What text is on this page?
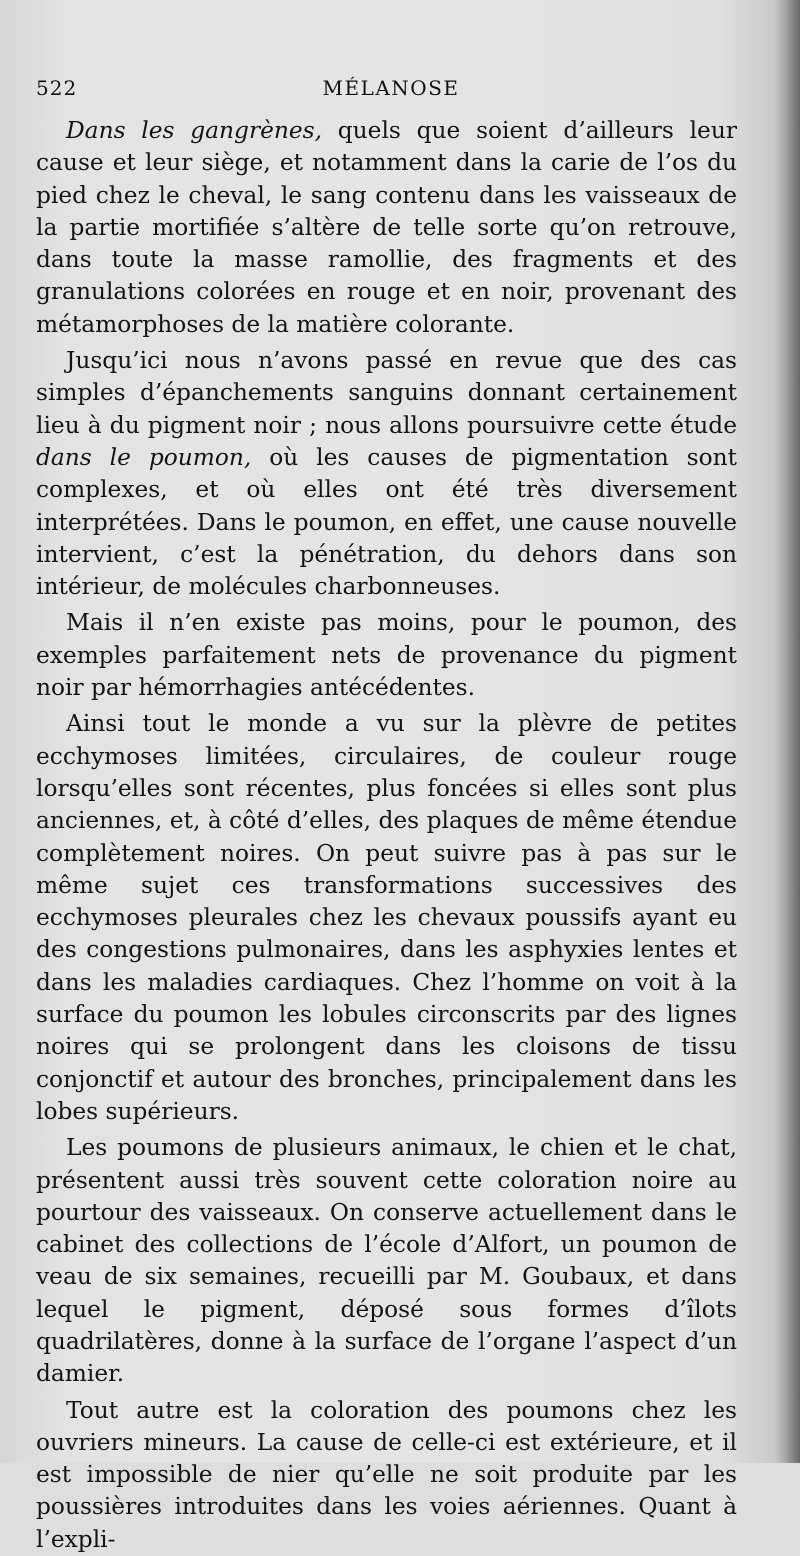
522	MÉLANOSE

Dans les gangrènes, quels que soient d’ailleurs leur cause et leur siège, et notamment dans la carie de l’os du pied chez le cheval, le sang contenu dans les vaisseaux de la partie mortifiée s’altère de telle sorte qu’on retrouve, dans toute la masse ramollie, des fragments et des granulations colorées en rouge et en noir, provenant des métamorphoses de la matière colorante.

Jusqu’ici nous n’avons passé en revue que des cas simples d’épanchements sanguins donnant certainement lieu à du pigment noir ; nous allons poursuivre cette étude dans le poumon, où les causes de pigmentation sont complexes, et où elles ont été très diversement interprétées. Dans le poumon, en effet, une cause nouvelle intervient, c’est la pénétration, du dehors dans son intérieur, de molécules charbonneuses.

Mais il n’en existe pas moins, pour le poumon, des exemples parfaitement nets de provenance du pigment noir par hémorrhagies antécédentes.

Ainsi tout le monde a vu sur la plèvre de petites ecchymoses limitées, circulaires, de couleur rouge lorsqu’elles sont récentes, plus foncées si elles sont plus anciennes, et, à côté d’elles, des plaques de même étendue complètement noires. On peut suivre pas à pas sur le même sujet ces transformations successives des ecchymoses pleurales chez les chevaux poussifs ayant eu des congestions pulmonaires, dans les asphyxies lentes et dans les maladies cardiaques. Chez l’homme on voit à la surface du poumon les lobules circonscrits par des lignes noires qui se prolongent dans les cloisons de tissu conjonctif et autour des bronches, principalement dans les lobes supérieurs.

Les poumons de plusieurs animaux, le chien et le chat, présentent aussi très souvent cette coloration noire au pourtour des vaisseaux. On conserve actuellement dans le cabinet des collections de l’école d’Alfort, un poumon de veau de six semaines, recueilli par M. Goubaux, et dans lequel le pigment, déposé sous formes d’îlots quadrilatères, donne à la surface de l’organe l’aspect d’un damier.

Tout autre est la coloration des poumons chez les ouvriers mineurs. La cause de celle-ci est extérieure, et il est impossible de nier qu’elle ne soit produite par les poussières introduites dans les voies aériennes. Quant à l’expli-
